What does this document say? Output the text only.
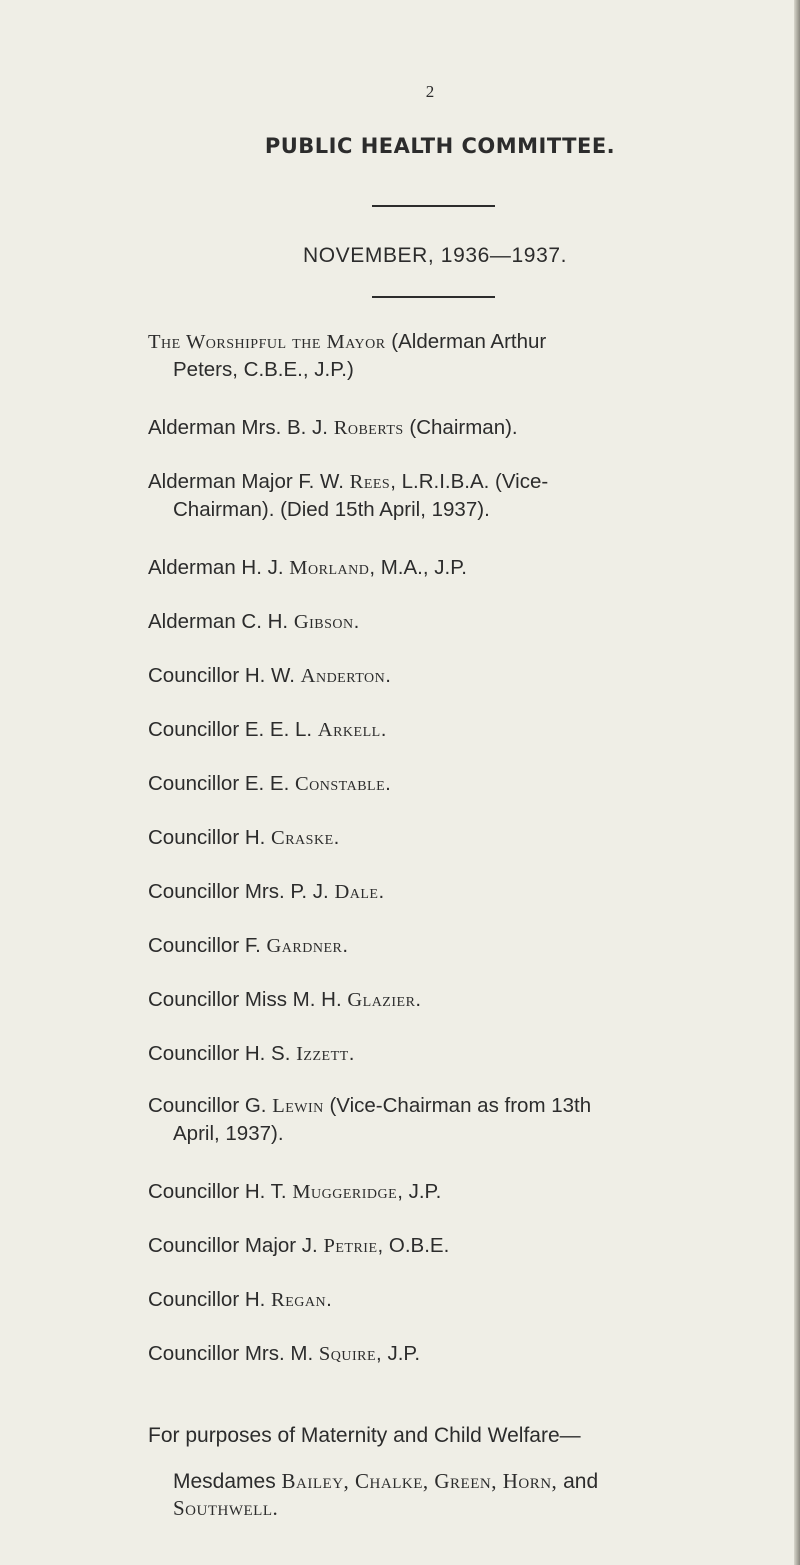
2
PUBLIC HEALTH COMMITTEE.
NOVEMBER, 1936—1937.
The Worshipful the Mayor (Alderman Arthur
Peters, C.B.E., J.P.)
Alderman Mrs. B. J. Roberts (Chairman).
Alderman Major F. W. Rees, L.R.I.B.A. (Vice-
Chairman). (Died 15th April, 1937).
Alderman H. J. Morland, M.A., J.P.
Alderman C. H. Gibson.
Councillor H. W. Anderton.
Councillor E. E. L. Arkell.
Councillor E. E. Constable.
Councillor H. Craske.
Councillor Mrs. P. J. Dale.
Councillor F. Gardner.
Councillor Miss M. H. Glazier.
Councillor H. S. Izzett.
Councillor G. Lewin (Vice-Chairman as from 13th
April, 1937).
Councillor H. T. Muggeridge, J.P.
Councillor Major J. Petrie, O.B.E.
Councillor H. Regan.
Councillor Mrs. M. Squire, J.P.
For purposes of Maternity and Child Welfare—
Mesdames Bailey, Chalke, Green, Horn, and
Southwell.
